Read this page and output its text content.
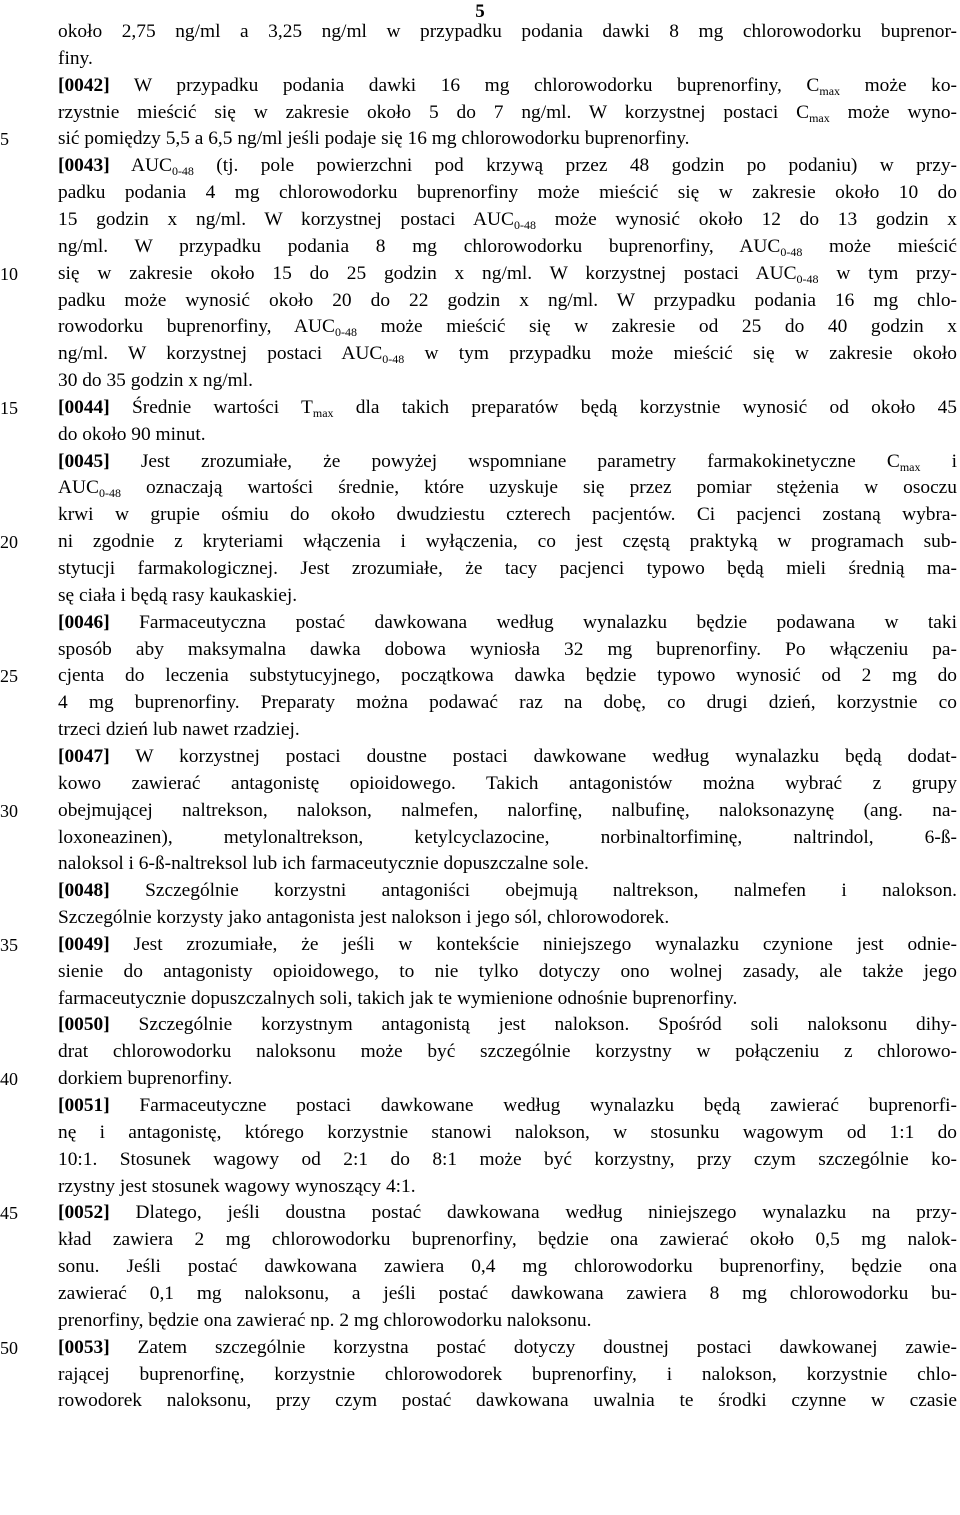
5
5
10
15
20
25
30
35
40
45
50
około 2,75 ng/ml a 3,25 ng/ml w przypadku podania dawki 8 mg chlorowodorku buprenor-
finy.
[0042] W przypadku podania dawki 16 mg chlorowodorku buprenorfiny, $C_{max}$ może ko-
rzystnie mieścić się w zakresie około 5 do 7 ng/ml. W korzystnej postaci $C_{max}$ może wyno-
sić pomiędzy 5,5 a 6,5 ng/ml jeśli podaje się 16 mg chlorowodorku buprenorfiny.
[0043] $AUC_{0-48}$ (tj. pole powierzchni pod krzywą przez 48 godzin po podaniu) w przy-
padku podania 4 mg chlorowodorku buprenorfiny może mieścić się w zakresie około 10 do
15 godzin x ng/ml. W korzystnej postaci $AUC_{0-48}$ może wynosić około 12 do 13 godzin x
ng/ml. W przypadku podania 8 mg chlorowodorku buprenorfiny, $AUC_{0-48}$ może mieścić
się w zakresie około 15 do 25 godzin x ng/ml. W korzystnej postaci $AUC_{0-48}$ w tym przy-
padku może wynosić około 20 do 22 godzin x ng/ml. W przypadku podania 16 mg chlo-
rowodorku buprenorfiny, $AUC_{0-48}$ może mieścić się w zakresie od 25 do 40 godzin x
ng/ml. W korzystnej postaci $AUC_{0-48}$ w tym przypadku może mieścić się w zakresie około
30 do 35 godzin x ng/ml.
[0044] Średnie wartości $T_{max}$ dla takich preparatów będą korzystnie wynosić od około 45
do około 90 minut.
[0045] Jest zrozumiałe, że powyżej wspomniane parametry farmakokinetyczne $C_{max}$ i
$AUC_{0-48}$ oznaczają wartości średnie, które uzyskuje się przez pomiar stężenia w osoczu
krwi w grupie ośmiu do około dwudziestu czterech pacjentów. Ci pacjenci zostaną wybra-
ni zgodnie z kryteriami włączenia i wyłączenia, co jest częstą praktyką w programach sub-
stytucji farmakologicznej. Jest zrozumiałe, że tacy pacjenci typowo będą mieli średnią ma-
sę ciała i będą rasy kaukaskiej.
[0046] Farmaceutyczna postać dawkowana według wynalazku będzie podawana w taki
sposób aby maksymalna dawka dobowa wyniosła 32 mg buprenorfiny. Po włączeniu pa-
cjenta do leczenia substytucyjnego, początkowa dawka będzie typowo wynosić od 2 mg do
4 mg buprenorfiny. Preparaty można podawać raz na dobę, co drugi dzień, korzystnie co
trzeci dzień lub nawet rzadziej.
[0047] W korzystnej postaci doustne postaci dawkowane według wynalazku będą dodat-
kowo zawierać antagonistę opioidowego. Takich antagonistów można wybrać z grupy
obejmującej naltrekson, nalokson, nalmefen, nalorfinę, nalbufinę, naloksonazynę (ang. na-
loxoneazinen), metylonaltrekson, ketylcyclazocine, norbinaltorfiminę, naltrindol, 6-ß-
naloksol i 6-ß-naltreksol lub ich farmaceutycznie dopuszczalne sole.
[0048] Szczególnie korzystni antagoniści obejmują naltrekson, nalmefen i nalokson.
Szczególnie korzysty jako antagonista jest nalokson i jego sól, chlorowodorek.
[0049] Jest zrozumiałe, że jeśli w kontekście niniejszego wynalazku czynione jest odnie-
sienie do antagonisty opioidowego, to nie tylko dotyczy ono wolnej zasady, ale także jego
farmaceutycznie dopuszczalnych soli, takich jak te wymienione odnośnie buprenorfiny.
[0050] Szczególnie korzystnym antagonistą jest nalokson. Spośród soli naloksonu dihy-
drat chlorowodorku naloksonu może być szczególnie korzystny w połączeniu z chlorowo-
dorkiem buprenorfiny.
[0051] Farmaceutyczne postaci dawkowane według wynalazku będą zawierać buprenorfi-
nę i antagonistę, którego korzystnie stanowi nalokson, w stosunku wagowym od 1:1 do
10:1. Stosunek wagowy od 2:1 do 8:1 może być korzystny, przy czym szczególnie ko-
rzystny jest stosunek wagowy wynoszący 4:1.
[0052] Dlatego, jeśli doustna postać dawkowana według niniejszego wynalazku na przy-
kład zawiera 2 mg chlorowodorku buprenorfiny, będzie ona zawierać około 0,5 mg nalok-
sonu. Jeśli postać dawkowana zawiera 0,4 mg chlorowodorku buprenorfiny, będzie ona
zawierać 0,1 mg naloksonu, a jeśli postać dawkowana zawiera 8 mg chlorowodorku bu-
prenorfiny, będzie ona zawierać np. 2 mg chlorowodorku naloksonu.
[0053] Zatem szczególnie korzystna postać dotyczy doustnej postaci dawkowanej zawie-
rającej buprenorfinę, korzystnie chlorowodorek buprenorfiny, i nalokson, korzystnie chlo-
rowodorek naloksonu, przy czym postać dawkowana uwalnia te środki czynne w czasie
